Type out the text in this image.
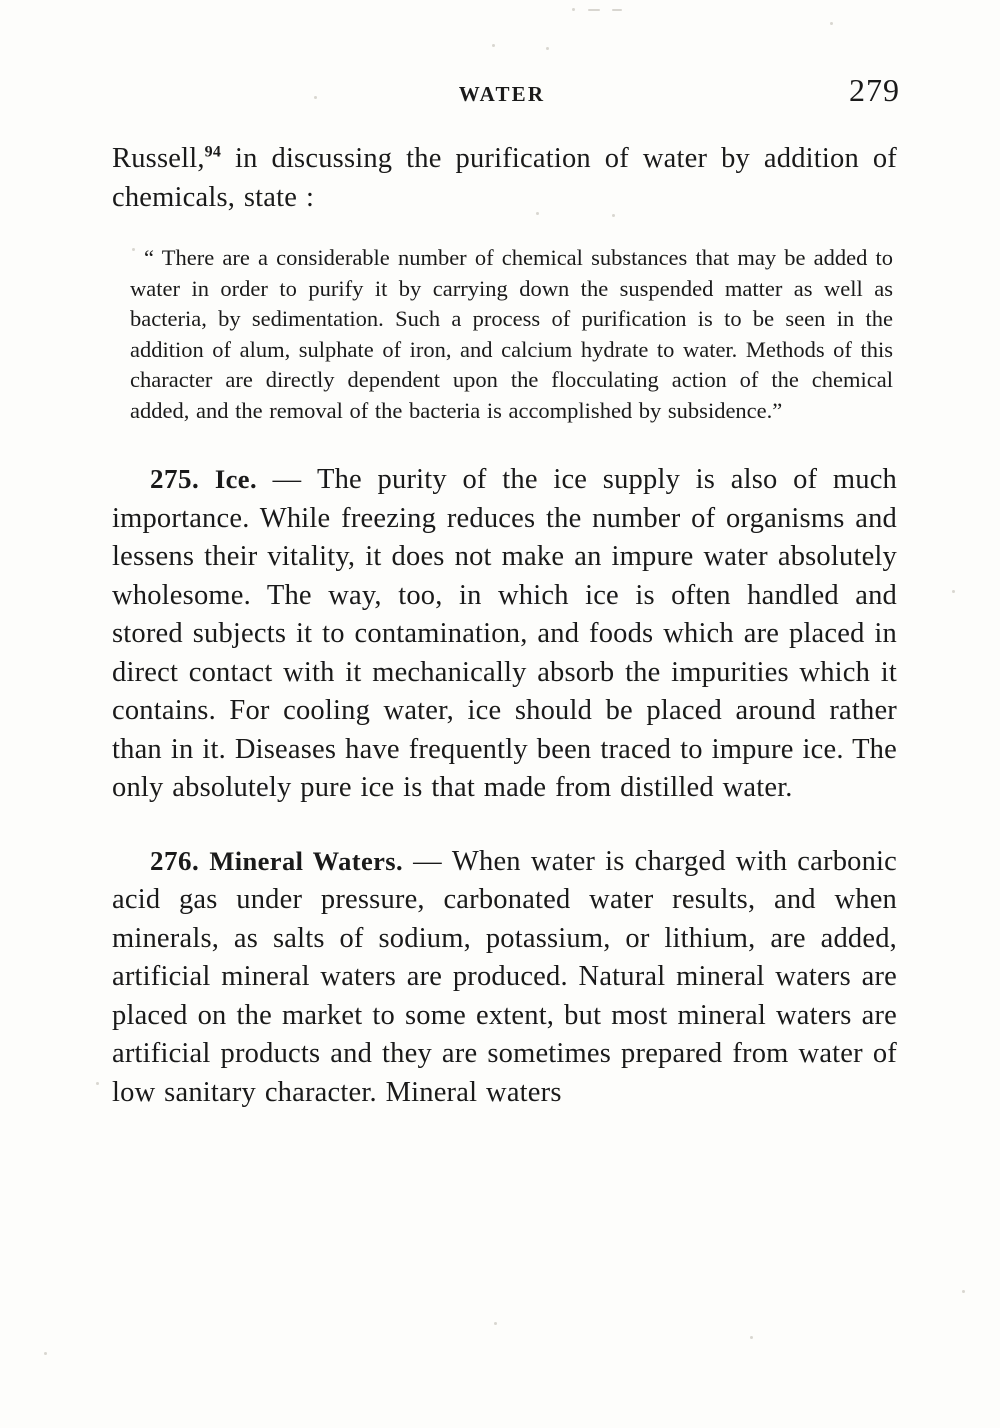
WATER	279

Russell,$^{94}$ in discussing the purification of water by addition of chemicals, state :

“ There are a considerable number of chemical substances that may be added to water in order to purify it by carrying down the suspended matter as well as bacteria, by sedimentation. Such a process of purification is to be seen in the addition of alum, sulphate of iron, and calcium hydrate to water. Methods of this character are directly dependent upon the flocculating action of the chemical added, and the removal of the bacteria is accomplished by subsidence.”

275. Ice. — The purity of the ice supply is also of much importance. While freezing reduces the number of organisms and lessens their vitality, it does not make an impure water absolutely wholesome. The way, too, in which ice is often handled and stored subjects it to contamination, and foods which are placed in direct contact with it mechanically absorb the impurities which it contains. For cooling water, ice should be placed around rather than in it. Diseases have frequently been traced to impure ice. The only absolutely pure ice is that made from distilled water.

276. Mineral Waters. — When water is charged with carbonic acid gas under pressure, carbonated water results, and when minerals, as salts of sodium, potassium, or lithium, are added, artificial mineral waters are produced. Natural mineral waters are placed on the market to some extent, but most mineral waters are artificial products and they are sometimes prepared from water of low sanitary character. Mineral waters
